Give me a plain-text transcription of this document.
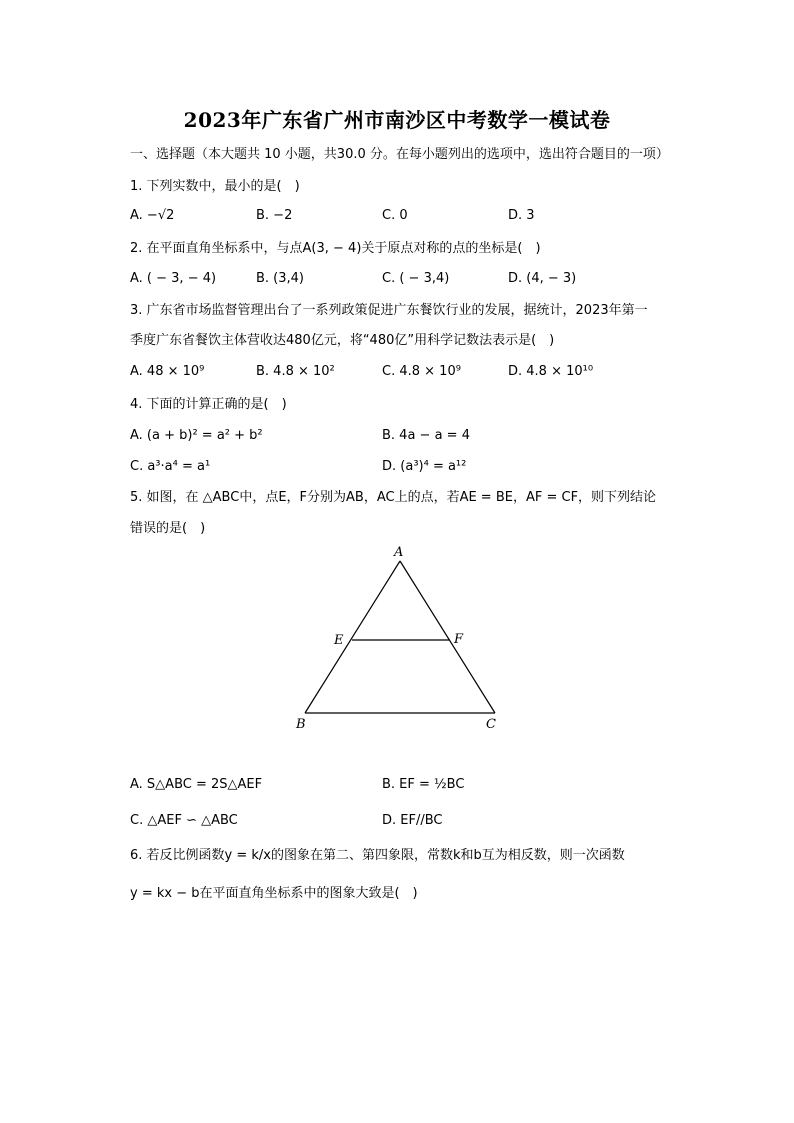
2023年广东省广州市南沙区中考数学一模试卷
一、选择题（本大题共 10 小题，共30.0 分。在每小题列出的选项中，选出符合题目的一项）
1. 下列实数中，最小的是(　)
A. −√2	B. −2	C. 0	D. 3
2. 在平面直角坐标系中，与点A(3, − 4)关于原点对称的点的坐标是(　)
A. ( − 3, − 4)	B. (3,4)	C. ( − 3,4)	D. (4, − 3)
3. 广东省市场监督管理出台了一系列政策促进广东餐饮行业的发展，据统计，2023年第一
季度广东省餐饮主体营收达480亿元，将“480亿”用科学记数法表示是(　)
A. 48 × 10⁹	B. 4.8 × 10²	C. 4.8 × 10⁹	D. 4.8 × 10¹⁰
4. 下面的计算正确的是(　)
A. (a + b)² = a² + b²	B. 4a − a = 4
C. a³·a⁴ = a¹	D. (a³)⁴ = a¹²
5. 如图，在 △ABC中，点E，F分别为AB，AC上的点，若AE = BE，AF = CF，则下列结论
错误的是(　)
A
B	C
E	F
A. S△ABC = 2S△AEF	B. EF = ½BC
C. △AEF ∽ △ABC	D. EF//BC
6. 若反比例函数y = k/x的图象在第二、第四象限，常数k和b互为相反数，则一次函数
y = kx − b在平面直角坐标系中的图象大致是(　)
